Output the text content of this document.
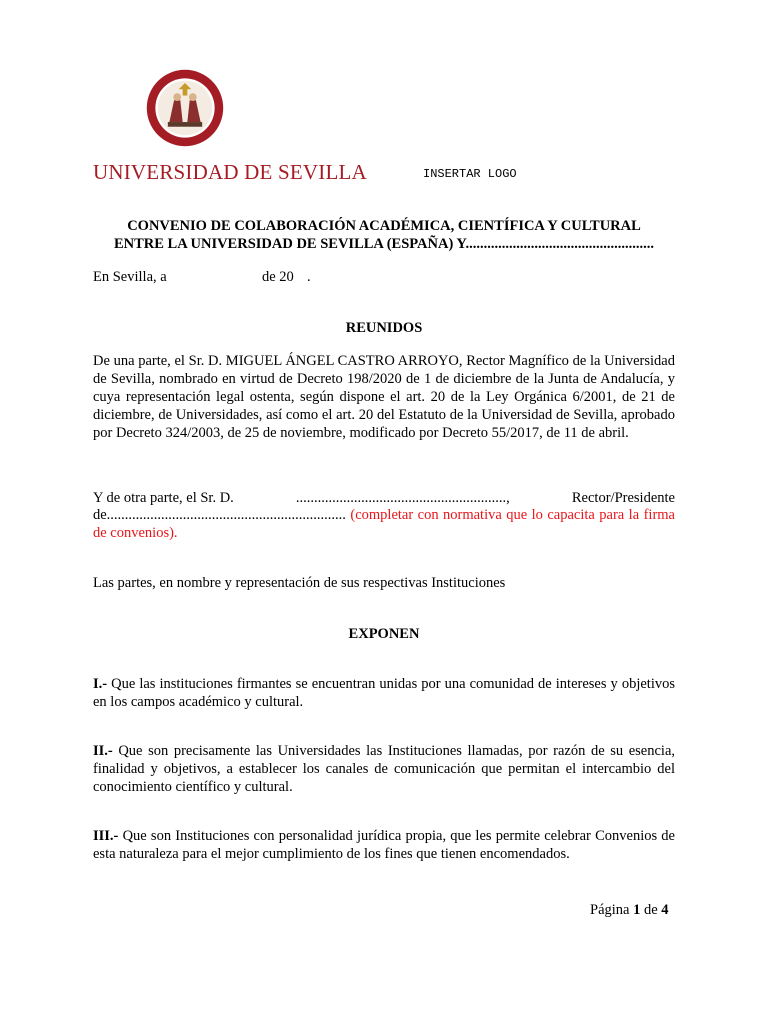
UNIVERSIDAD DE SEVILLA	INSERTAR LOGO
CONVENIO DE COLABORACIÓN ACADÉMICA, CIENTÍFICA Y CULTURAL
ENTRE LA UNIVERSIDAD DE SEVILLA (ESPAÑA) Y....................................................
En Sevilla, a	de 20 .
REUNIDOS
De una parte, el Sr. D. MIGUEL ÁNGEL CASTRO ARROYO, Rector Magnífico de la Universidad de Sevilla, nombrado en virtud de Decreto 198/2020 de 1 de diciembre de la Junta de Andalucía, y cuya representación legal ostenta, según dispone el art. 20 de la Ley Orgánica 6/2001, de 21 de diciembre, de Universidades, así como el art. 20 del Estatuto de la Universidad de Sevilla, aprobado por Decreto 324/2003, de 25 de noviembre, modificado por Decreto 55/2017, de 11 de abril.
Y de otra parte, el Sr. D.	..........................................................,	Rector/Presidente
de.................................................................. (completar con normativa que lo capacita para la firma de convenios).
Las partes, en nombre y representación de sus respectivas Instituciones
EXPONEN
I.- Que las instituciones firmantes se encuentran unidas por una comunidad de intereses y objetivos en los campos académico y cultural.
II.- Que son precisamente las Universidades las Instituciones llamadas, por razón de su esencia, finalidad y objetivos, a establecer los canales de comunicación que permitan el intercambio del conocimiento científico y cultural.
III.- Que son Instituciones con personalidad jurídica propia, que les permite celebrar Convenios de esta naturaleza para el mejor cumplimiento de los fines que tienen encomendados.
Página 1 de 4
